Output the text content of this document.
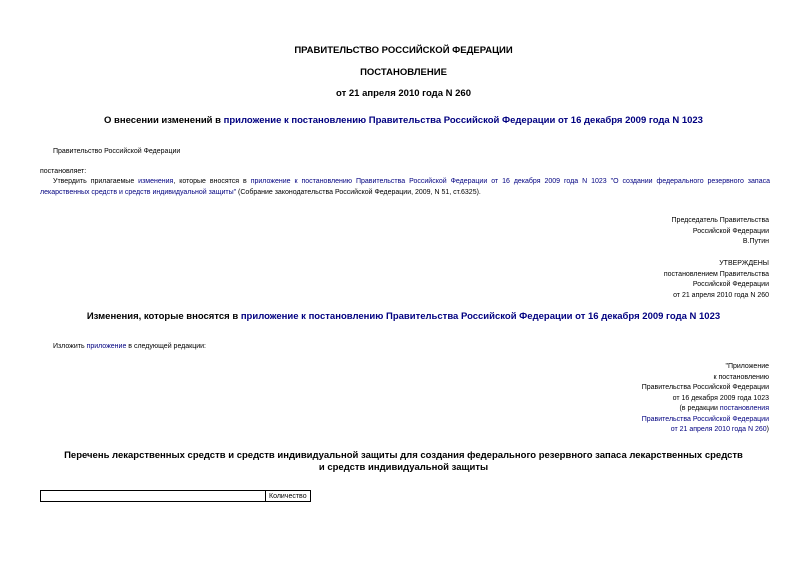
ПРАВИТЕЛЬСТВО РОССИЙСКОЙ ФЕДЕРАЦИИ
ПОСТАНОВЛЕНИЕ
от 21 апреля 2010 года N 260
О внесении изменений в приложение к постановлению Правительства Российской Федерации от 16 декабря 2009 года N 1023
Правительство Российской Федерации
постановляет:
Утвердить прилагаемые изменения, которые вносятся в приложение к постановлению Правительства Российской Федерации от 16 декабря 2009 года N 1023 "О создании федерального резервного запаса лекарственных средств и средств индивидуальной защиты" (Собрание законодательства Российской Федерации, 2009, N 51, ст.6325).
Председатель Правительства
Российской Федерации
В.Путин
УТВЕРЖДЕНЫ
постановлением Правительства
Российской Федерации
от 21 апреля 2010 года N 260
Изменения, которые вносятся в приложение к постановлению Правительства Российской Федерации от 16 декабря 2009 года N 1023
Изложить приложение в следующей редакции:
"Приложение
к постановлению
Правительства Российской Федерации
от 16 декабря 2009 года 1023
(в редакции постановления
Правительства Российской Федерации
от 21 апреля 2010 года N 260)
Перечень лекарственных средств и средств индивидуальной защиты для создания федерального резервного запаса лекарственных средств и средств индивидуальной защиты
	Количество
